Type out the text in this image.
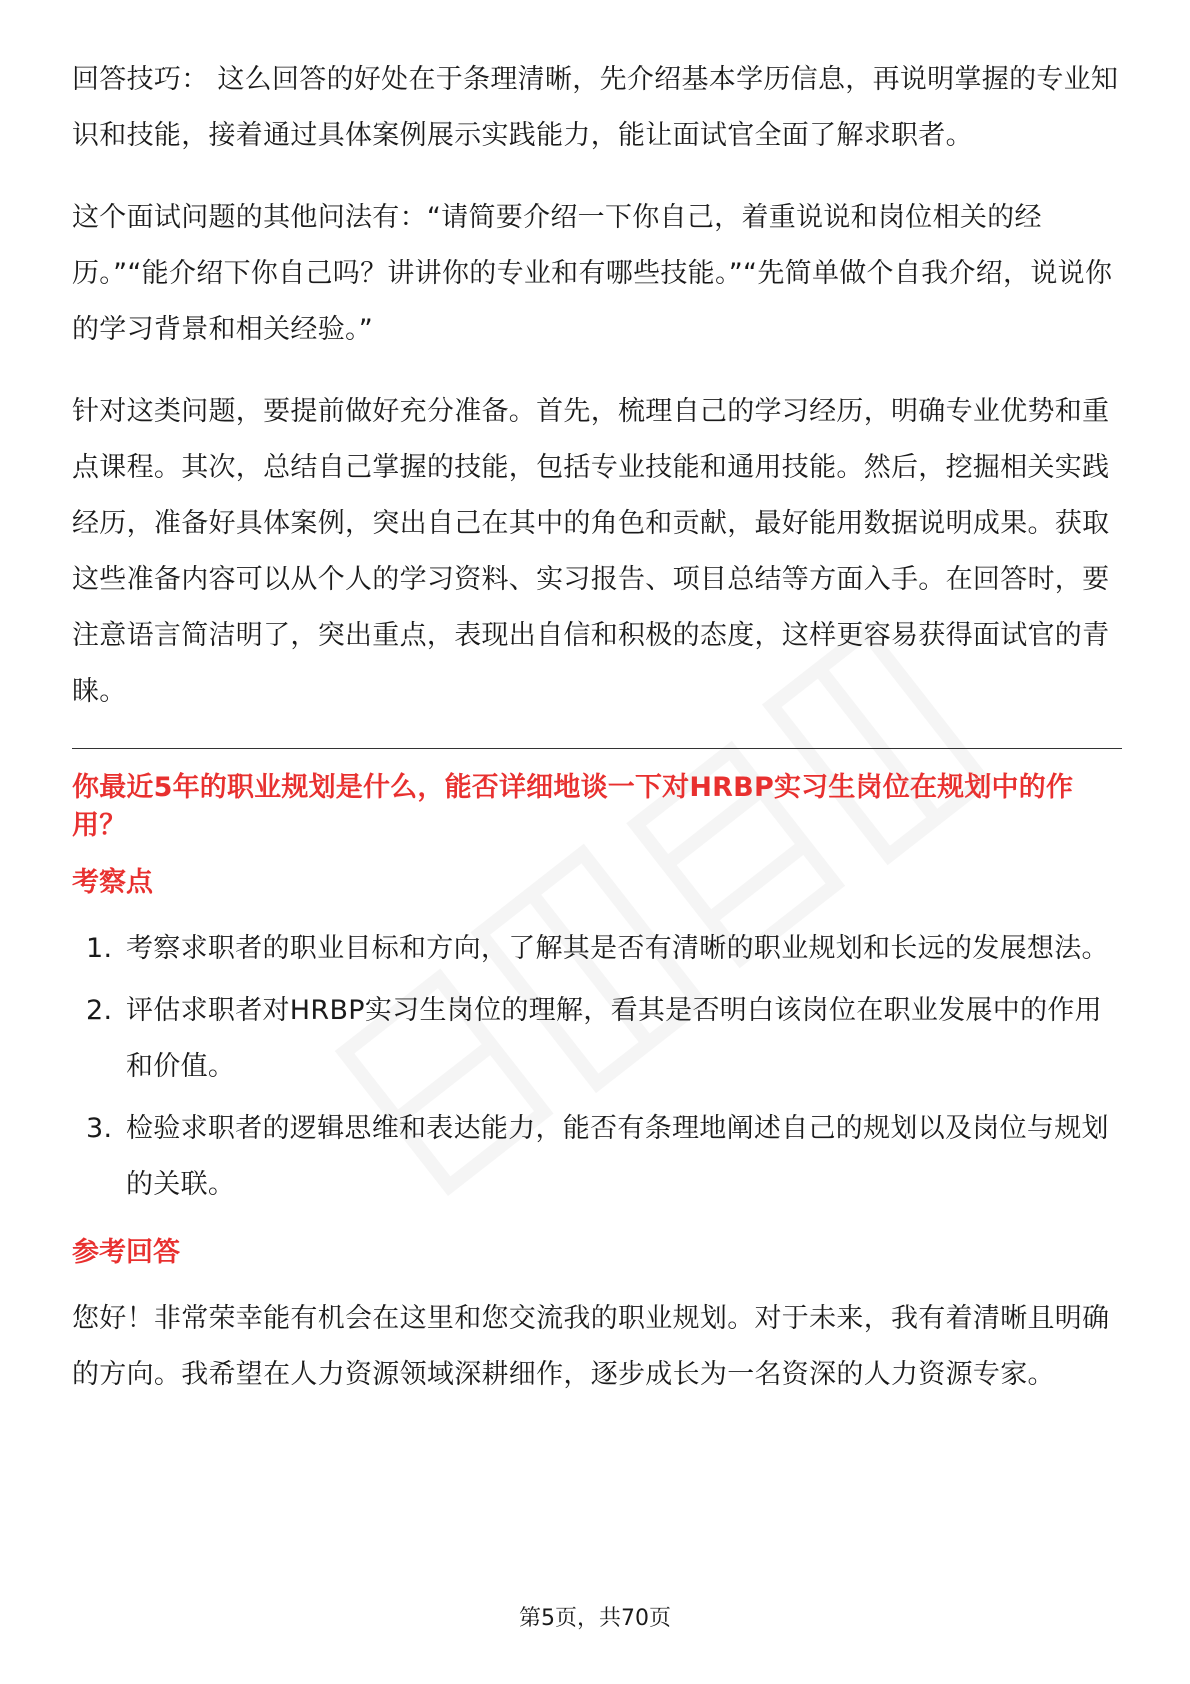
回答技巧： 这么回答的好处在于条理清晰，先介绍基本学历信息，再说明掌握的专业知识和技能，接着通过具体案例展示实践能力，能让面试官全面了解求职者。

这个面试问题的其他问法有：“请简要介绍一下你自己，着重说说和岗位相关的经历。”“能介绍下你自己吗？讲讲你的专业和有哪些技能。”“先简单做个自我介绍，说说你的学习背景和相关经验。”

针对这类问题，要提前做好充分准备。首先，梳理自己的学习经历，明确专业优势和重点课程。其次，总结自己掌握的技能，包括专业技能和通用技能。然后，挖掘相关实践经历，准备好具体案例，突出自己在其中的角色和贡献，最好能用数据说明成果。获取这些准备内容可以从个人的学习资料、实习报告、项目总结等方面入手。在回答时，要注意语言简洁明了，突出重点，表现出自信和积极的态度，这样更容易获得面试官的青睐。

你最近5年的职业规划是什么，能否详细地谈一下对HRBP实习生岗位在规划中的作用？
考察点
1. 考察求职者的职业目标和方向，了解其是否有清晰的职业规划和长远的发展想法。
2. 评估求职者对HRBP实习生岗位的理解，看其是否明白该岗位在职业发展中的作用和价值。
3. 检验求职者的逻辑思维和表达能力，能否有条理地阐述自己的规划以及岗位与规划的关联。
参考回答

您好！非常荣幸能有机会在这里和您交流我的职业规划。对于未来，我有着清晰且明确的方向。我希望在人力资源领域深耕细作，逐步成长为一名资深的人力资源专家。

第5页，共70页
